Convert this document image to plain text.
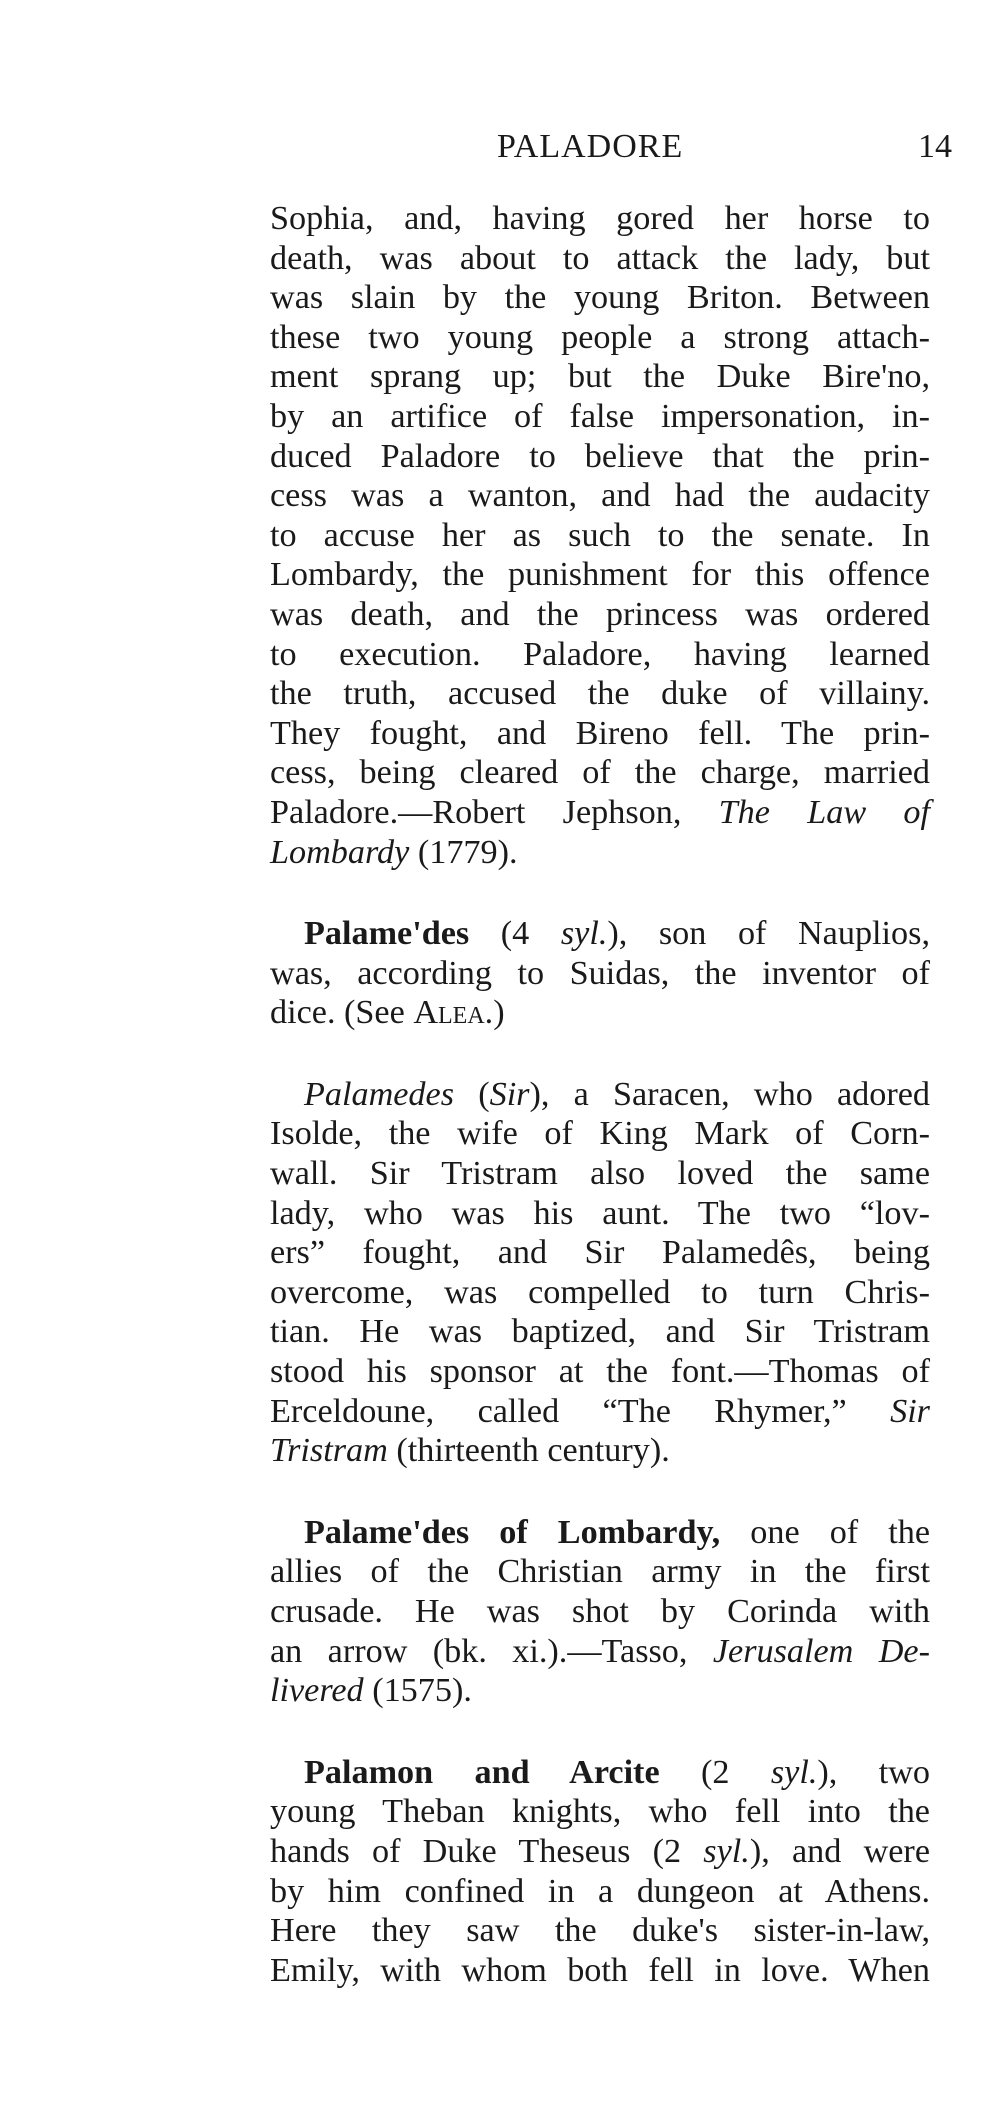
PALADORE	14
Sophia, and, having gored her horse to
death, was about to attack the lady, but
was slain by the young Briton. Between
these two young people a strong attach-
ment sprang up; but the Duke Bire'no,
by an artifice of false impersonation, in-
duced Paladore to believe that the prin-
cess was a wanton, and had the audacity
to accuse her as such to the senate. In
Lombardy, the punishment for this offence
was death, and the princess was ordered
to execution. Paladore, having learned
the truth, accused the duke of villainy.
They fought, and Bireno fell. The prin-
cess, being cleared of the charge, married
Paladore.—Robert Jephson, The Law of
Lombardy (1779).
Palame'des (4 syl.), son of Nauplios,
was, according to Suidas, the inventor of
dice. (See Alea.)
Palamedes (Sir), a Saracen, who adored
Isolde, the wife of King Mark of Corn-
wall. Sir Tristram also loved the same
lady, who was his aunt. The two “lov-
ers” fought, and Sir Palamedês, being
overcome, was compelled to turn Chris-
tian. He was baptized, and Sir Tristram
stood his sponsor at the font.—Thomas of
Erceldoune, called “The Rhymer,” Sir
Tristram (thirteenth century).
Palame'des of Lombardy, one of the
allies of the Christian army in the first
crusade. He was shot by Corinda with
an arrow (bk. xi.).—Tasso, Jerusalem De-
livered (1575).
Palamon and Arcite (2 syl.), two
young Theban knights, who fell into the
hands of Duke Theseus (2 syl.), and were
by him confined in a dungeon at Athens.
Here they saw the duke's sister-in-law,
Emily, with whom both fell in love. When
